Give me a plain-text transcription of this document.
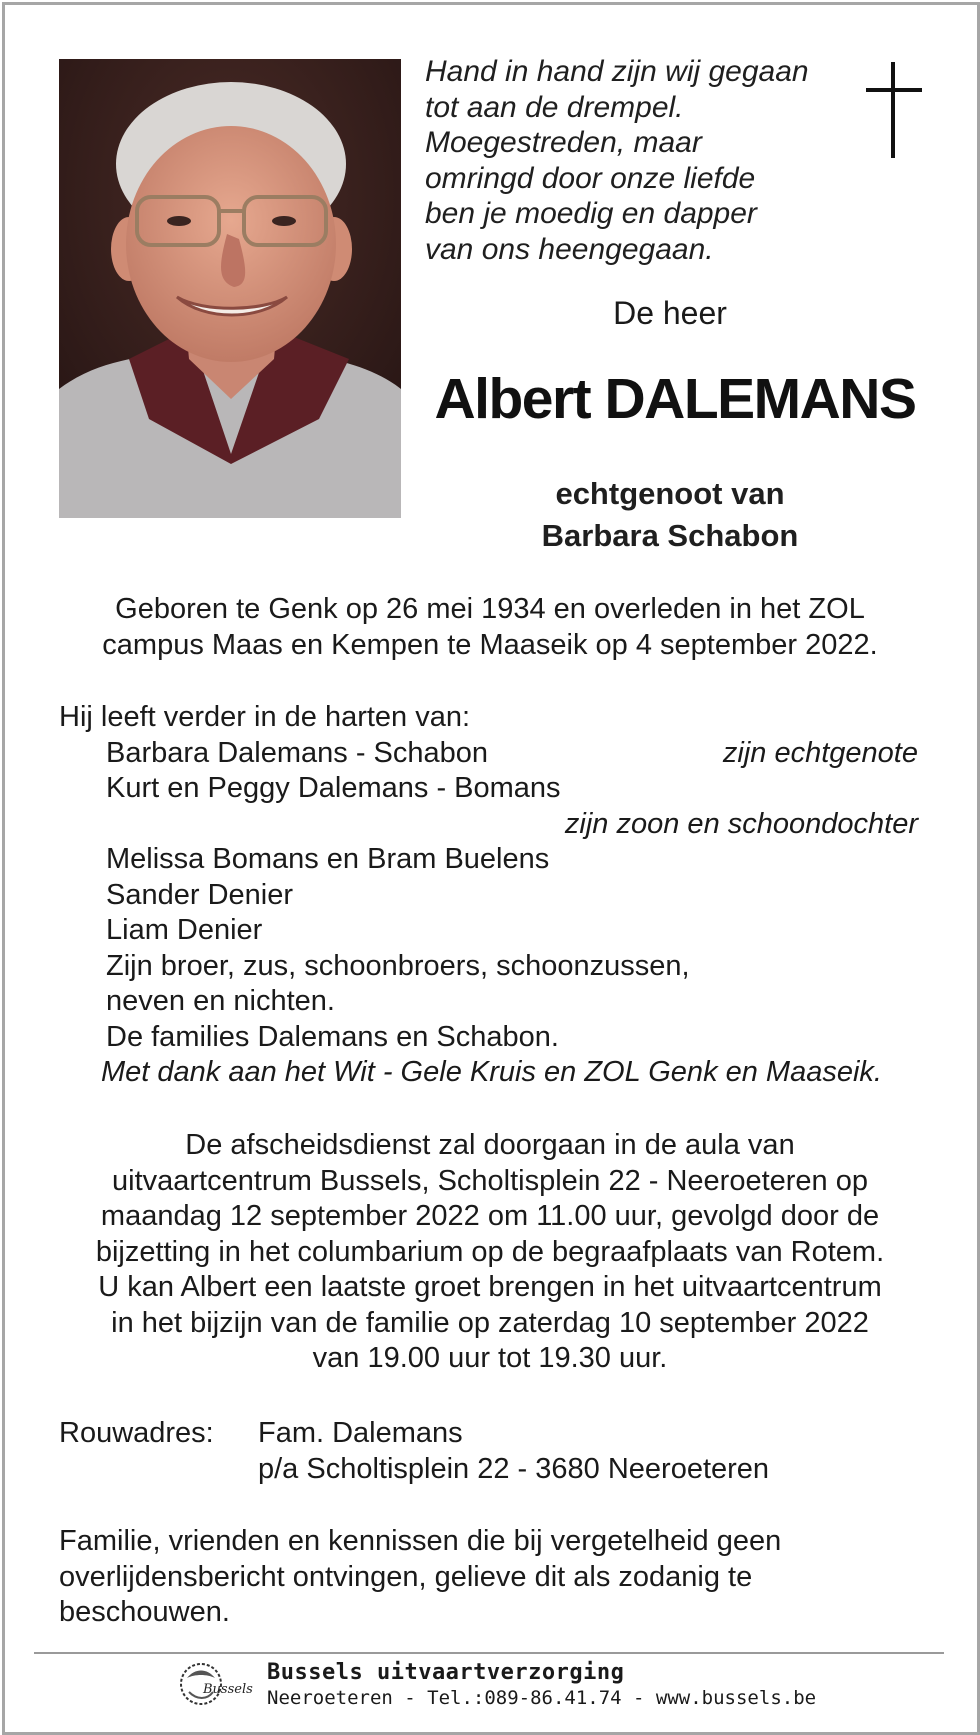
Hand in hand zijn wij gegaan
tot aan de drempel.
Moegestreden, maar
omringd door onze liefde
ben je moedig en dapper
van ons heengegaan.
De heer
Albert DALEMANS
echtgenoot van
Barbara Schabon
Geboren te Genk op 26 mei 1934 en overleden in het ZOL
campus Maas en Kempen te Maaseik op 4 september 2022.
Hij leeft verder in de harten van:
Barbara Dalemans - Schabon	zijn echtgenote
Kurt en Peggy Dalemans - Bomans
zijn zoon en schoondochter
Melissa Bomans en Bram Buelens
Sander Denier
Liam Denier
Zijn broer, zus, schoonbroers, schoonzussen,
neven en nichten.
De families Dalemans en Schabon.
Met dank aan het Wit - Gele Kruis en ZOL Genk en Maaseik.
De afscheidsdienst zal doorgaan in de aula van
uitvaartcentrum Bussels, Scholtisplein 22 - Neeroeteren op
maandag 12 september 2022 om 11.00 uur, gevolgd door de
bijzetting in het columbarium op de begraafplaats van Rotem.
U kan Albert een laatste groet brengen in het uitvaartcentrum
in het bijzijn van de familie op zaterdag 10 september 2022
van 19.00 uur tot 19.30 uur.
Rouwadres: Fam. Dalemans
p/a Scholtisplein 22 - 3680 Neeroeteren
Familie, vrienden en kennissen die bij vergetelheid geen
overlijdensbericht ontvingen, gelieve dit als zodanig te
beschouwen.
Bussels
Bussels uitvaartverzorging
Neeroeteren - Tel.:089-86.41.74 - www.bussels.be
